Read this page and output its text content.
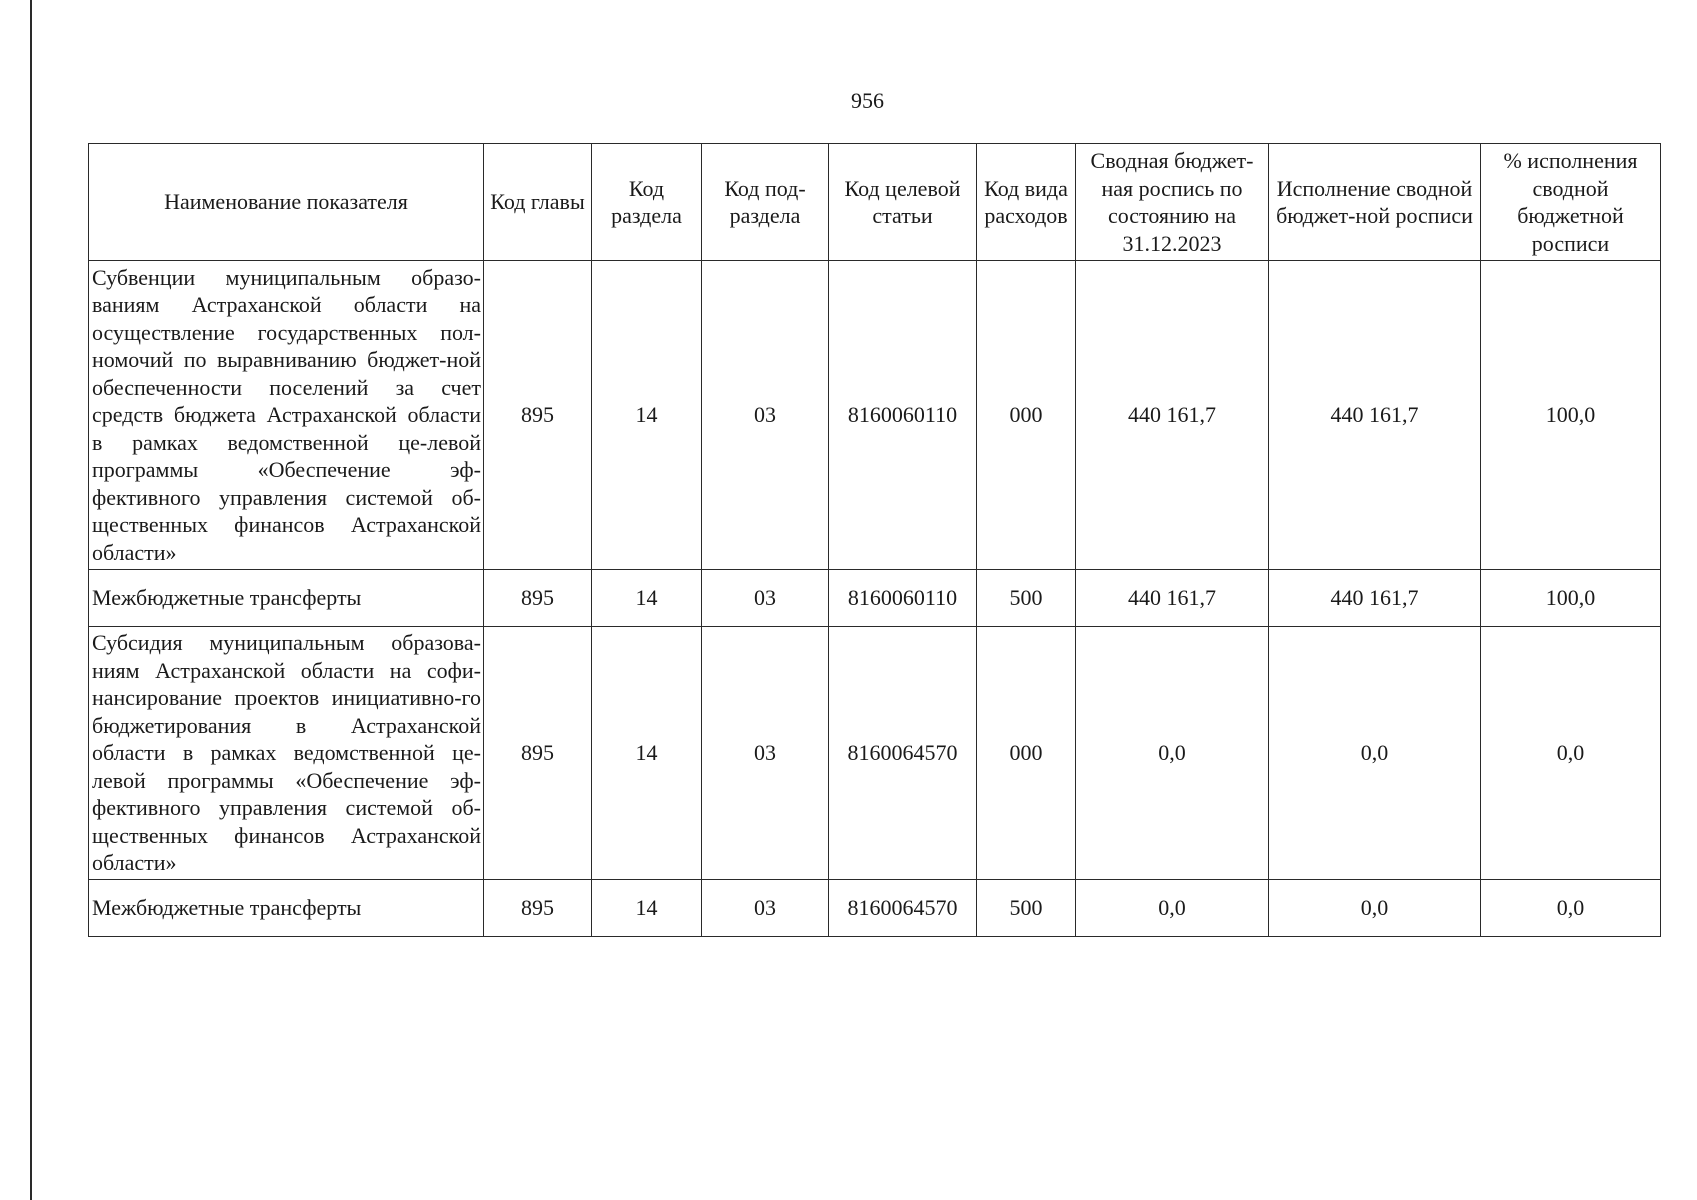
956
Наименование показателя	Код главы	Код раздела	Код под-раздела	Код целевой статьи	Код вида расходов	Сводная бюджет-ная роспись по состоянию на 31.12.2023	Исполнение сводной бюджет-ной росписи	% исполнения сводной бюджетной росписи
Субвенции муниципальным образо-ваниям Астраханской области на осуществление государственных пол-номочий по выравниванию бюджет-ной обеспеченности поселений за счет средств бюджета Астраханской области в рамках ведомственной це-левой программы «Обеспечение эф-фективного управления системой об-щественных финансов Астраханской области»	895	14	03	8160060110	000	440 161,7	440 161,7	100,0
Межбюджетные трансферты	895	14	03	8160060110	500	440 161,7	440 161,7	100,0
Субсидия муниципальным образова-ниям Астраханской области на софи-нансирование проектов инициативно-го бюджетирования в Астраханской области в рамках ведомственной це-левой программы «Обеспечение эф-фективного управления системой об-щественных финансов Астраханской области»	895	14	03	8160064570	000	0,0	0,0	0,0
Межбюджетные трансферты	895	14	03	8160064570	500	0,0	0,0	0,0
